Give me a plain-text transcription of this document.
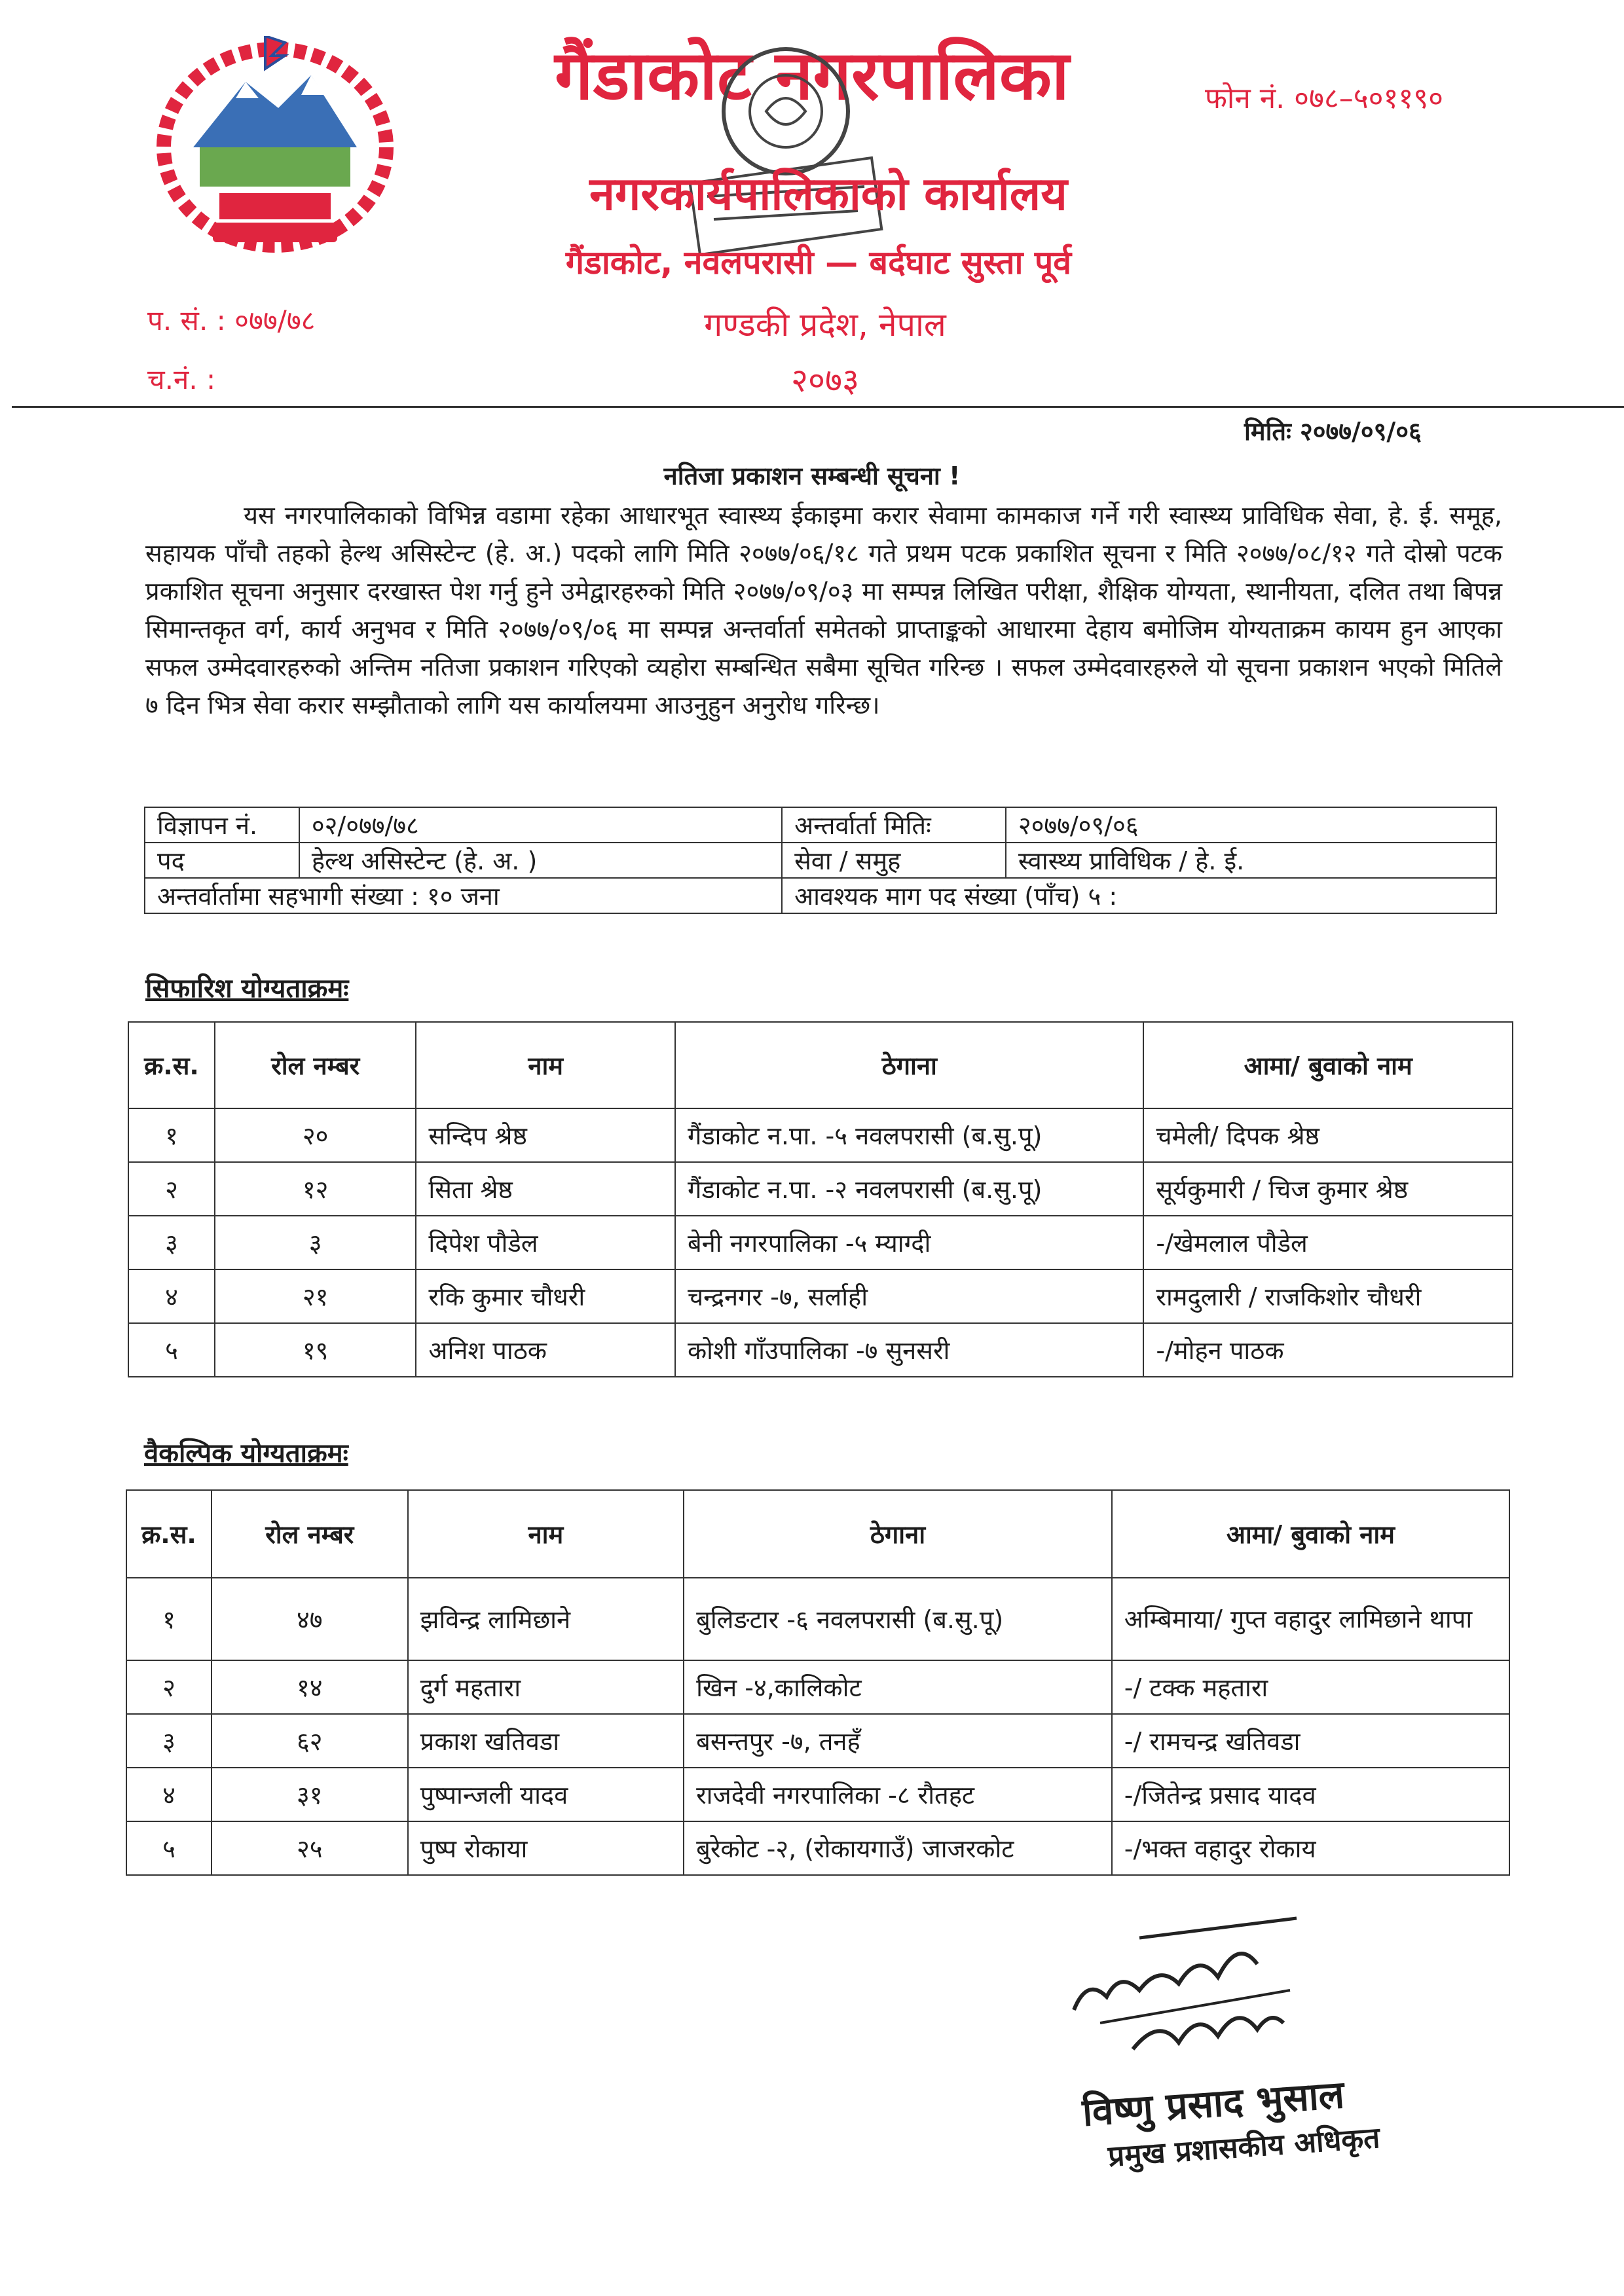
गैंडाकोट नगरपालिका	फोन नं. ०७८–५०११९०
नगरकार्यपालिकाको कार्यालय
गैंडाकोट, नवलपरासी — बर्दघाट सुस्ता पूर्व
प. सं. : ०७७/७८	गण्डकी प्रदेश, नेपाल
च.नं. :	२०७३
मितिः २०७७/०९/०६
नतिजा प्रकाशन सम्बन्धी सूचना !
यस नगरपालिकाको विभिन्न वडामा रहेका आधारभूत स्वास्थ्य ईकाइमा करार सेवामा कामकाज गर्ने गरी स्वास्थ्य प्राविधिक सेवा, हे. ई. समूह, सहायक पाँचौ तहको हेल्थ असिस्टेन्ट (हे. अ.) पदको लागि मिति २०७७/०६/१८ गते प्रथम पटक प्रकाशित सूचना र मिति २०७७/०८/१२ गते दोस्रो पटक प्रकाशित सूचना अनुसार दरखास्त पेश गर्नु हुने उमेद्वारहरुको मिति २०७७/०९/०३ मा सम्पन्न लिखित परीक्षा, शैक्षिक योग्यता, स्थानीयता, दलित तथा बिपन्न सिमान्तकृत वर्ग, कार्य अनुभव र मिति २०७७/०९/०६ मा सम्पन्न अन्तर्वार्ता समेतको प्राप्ताङ्कको आधारमा देहाय बमोजिम योग्यताक्रम कायम हुन आएका सफल उम्मेदवारहरुको अन्तिम नतिजा प्रकाशन गरिएको व्यहोरा सम्बन्धित सबैमा सूचित गरिन्छ । सफल उम्मेदवारहरुले यो सूचना प्रकाशन भएको मितिले ७ दिन भित्र सेवा करार सम्झौताको लागि यस कार्यालयमा आउनुहुन अनुरोध गरिन्छ।
विज्ञापन नं.	०२/०७७/७८	अन्तर्वार्ता मितिः	२०७७/०९/०६
पद	हेल्थ असिस्टेन्ट (हे. अ. )	सेवा / समुह	स्वास्थ्य प्राविधिक / हे. ई.
अन्तर्वार्तामा सहभागी संख्या : १० जना		आवश्यक माग पद संख्या (पाँच) ५ :	
सिफारिश योग्यताक्रमः
क्र.स.	रोल नम्बर	नाम	ठेगाना	आमा/ बुवाको नाम
१	२०	सन्दिप श्रेष्ठ	गैंडाकोट न.पा. -५ नवलपरासी (ब.सु.पू)	चमेली/ दिपक श्रेष्ठ
२	१२	सिता श्रेष्ठ	गैंडाकोट न.पा. -२ नवलपरासी (ब.सु.पू)	सूर्यकुमारी / चिज कुमार श्रेष्ठ
३	३	दिपेश पौडेल	बेनी नगरपालिका -५ म्याग्दी	-/खेमलाल पौडेल
४	२१	रकि कुमार चौधरी	चन्द्रनगर -७, सर्लाही	रामदुलारी / राजकिशोर चौधरी
५	१९	अनिश पाठक	कोशी गाँउपालिका -७ सुनसरी	-/मोहन पाठक
वैकल्पिक योग्यताक्रमः
क्र.स.	रोल नम्बर	नाम	ठेगाना	आमा/ बुवाको नाम
१	४७	झविन्द्र लामिछाने	बुलिङटार -६ नवलपरासी (ब.सु.पू)	अम्बिमाया/ गुप्त वहादुर लामिछाने थापा
२	१४	दुर्ग महतारा	खिन -४,कालिकोट	-/ टक्क महतारा
३	६२	प्रकाश खतिवडा	बसन्तपुर -७, तनहँ	-/ रामचन्द्र खतिवडा
४	३१	पुष्पान्जली यादव	राजदेवी नगरपालिका -८ रौतहट	-/जितेन्द्र प्रसाद यादव
५	२५	पुष्प रोकाया	बुरेकोट -२, (रोकायगाउँ) जाजरकोट	-/भक्त वहादुर रोकाय
विष्णु प्रसाद भुसाल
प्रमुख प्रशासकीय अधिकृत
